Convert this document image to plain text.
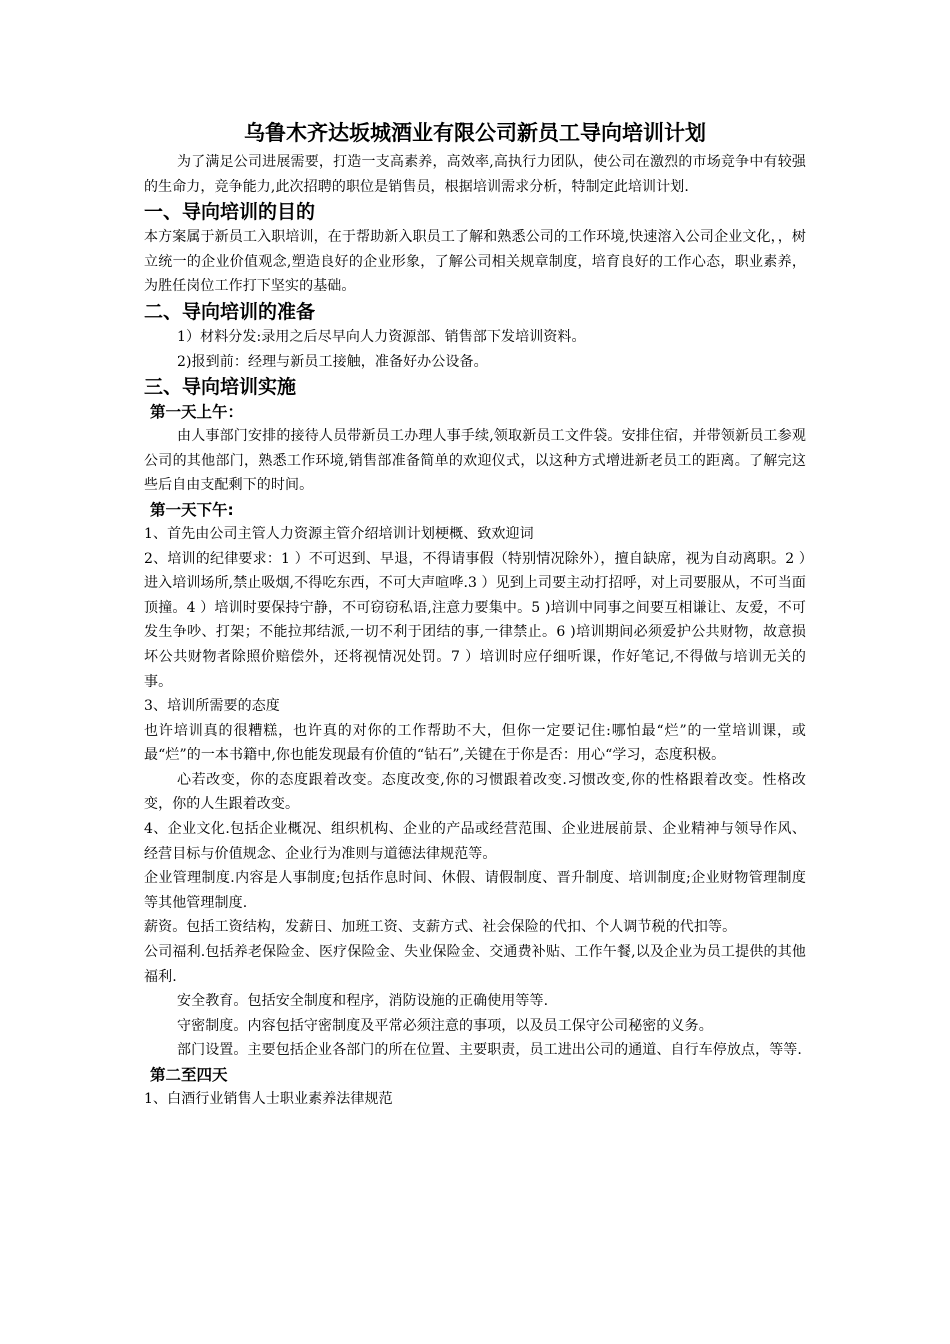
乌鲁木齐达坂城酒业有限公司新员工导向培训计划

为了满足公司进展需要，打造一支高素养，高效率,高执行力团队，使公司在激烈的市场竞争中有较强的生命力，竞争能力,此次招聘的职位是销售员，根据培训需求分析，特制定此培训计划.

一、导向培训的目的

本方案属于新员工入职培训，在于帮助新入职员工了解和熟悉公司的工作环境,快速溶入公司企业文化，，树立统一的企业价值观念,塑造良好的企业形象，了解公司相关规章制度，培育良好的工作心态，职业素养，为胜任岗位工作打下坚实的基础。

二、导向培训的准备

1）材料分发:录用之后尽早向人力资源部、销售部下发培训资料。

2)报到前：经理与新员工接触，准备好办公设备。

三、导向培训实施
第一天上午：

由人事部门安排的接待人员带新员工办理人事手续,领取新员工文件袋。安排住宿，并带领新员工参观公司的其他部门，熟悉工作环境,销售部准备简单的欢迎仪式，以这种方式增进新老员工的距离。了解完这些后自由支配剩下的时间。

第一天下午:

1、首先由公司主管人力资源主管介绍培训计划梗概、致欢迎词

2、培训的纪律要求：1 ）不可迟到、早退，不得请事假（特别情况除外），擅自缺席，视为自动离职。2 ）进入培训场所,禁止吸烟,不得吃东西，不可大声喧哗.3 ）见到上司要主动打招呼，对上司要服从，不可当面顶撞。4 ）培训时要保持宁静，不可窃窃私语,注意力要集中。5 )培训中同事之间要互相谦让、友爱，不可发生争吵、打架；不能拉邦结派,一切不利于团结的事,一律禁止。6 )培训期间必须爱护公共财物，故意损坏公共财物者除照价赔偿外，还将视情况处罚。7 ）培训时应仔细听课，作好笔记,不得做与培训无关的事。

3、培训所需要的态度

也许培训真的很糟糕，也许真的对你的工作帮助不大，但你一定要记住:哪怕最“烂”的一堂培训课，或最“烂”的一本书籍中,你也能发现最有价值的“钻石”,关键在于你是否：用心“学习，态度积极。

心若改变，你的态度跟着改变。态度改变,你的习惯跟着改变.习惯改变,你的性格跟着改变。性格改变，你的人生跟着改变。

4、企业文化.包括企业概况、组织机构、企业的产品或经营范围、企业进展前景、企业精神与领导作风、经营目标与价值规念、企业行为准则与道德法律规范等。

企业管理制度.内容是人事制度;包括作息时间、休假、请假制度、晋升制度、培训制度;企业财物管理制度等其他管理制度.

薪资。包括工资结构，发薪日、加班工资、支薪方式、社会保险的代扣、个人调节税的代扣等。

公司福利.包括养老保险金、医疗保险金、失业保险金、交通费补贴、工作午餐,以及企业为员工提供的其他福利.

安全教育。包括安全制度和程序，消防设施的正确使用等等.

守密制度。内容包括守密制度及平常必须注意的事项，以及员工保守公司秘密的义务。

部门设置。主要包括企业各部门的所在位置、主要职责，员工进出公司的通道、自行车停放点，等等.

第二至四天

1、白酒行业销售人士职业素养法律规范
